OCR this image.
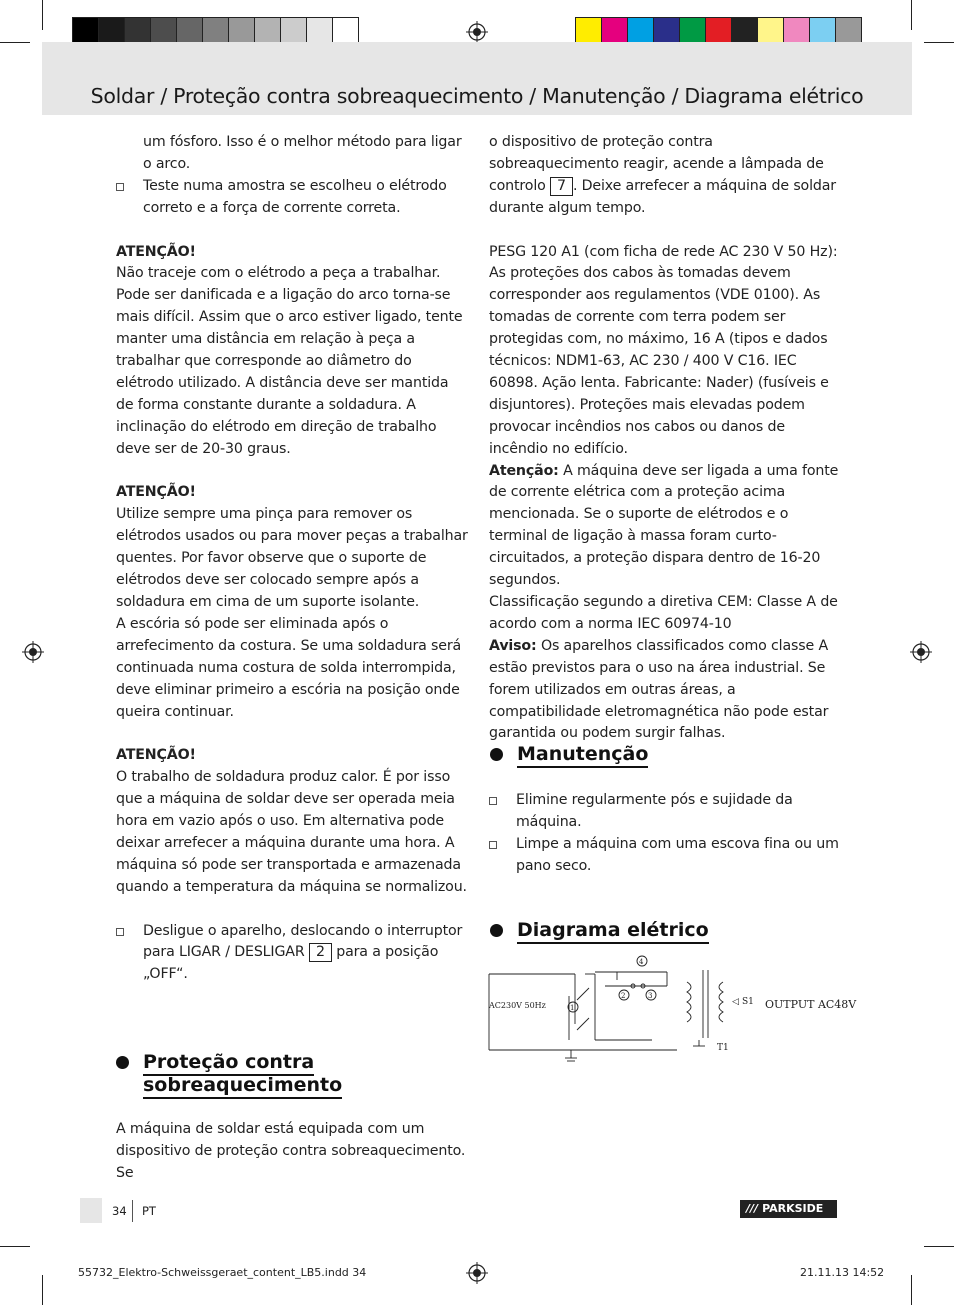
Soldar / Proteção contra sobreaquecimento / Manutenção / Diagrama elétrico

um fósforo. Isso é o melhor método para ligar o arco.

Teste numa amostra se escolheu o elétrodo correto e a força de corrente correta.

ATENÇÃO!

Não traceje com o elétrodo a peça a trabalhar. Pode ser danificada e a ligação do arco torna-se mais difícil. Assim que o arco estiver ligado, tente manter uma distância em relação à peça a trabalhar que corresponde ao diâmetro do elétrodo utilizado. A distância deve ser mantida de forma constante durante a soldadura. A inclinação do elétrodo em direção de trabalho deve ser de 20-30 graus.

ATENÇÃO!

Utilize sempre uma pinça para remover os elétrodos usados ou para mover peças a trabalhar quentes. Por favor observe que o suporte de elétrodos deve ser colocado sempre após a soldadura em cima de um suporte isolante.

A escória só pode ser eliminada após o arrefecimento da costura. Se uma soldadura será continuada numa costura de solda interrompida, deve eliminar primeiro a escória na posição onde queira continuar.

ATENÇÃO!

O trabalho de soldadura produz calor. É por isso que a máquina de soldar deve ser operada meia hora em vazio após o uso. Em alternativa pode deixar arrefecer a máquina durante uma hora. A máquina só pode ser transportada e armazenada quando a temperatura da máquina se normalizou.

Desligue o aparelho, deslocando o interruptor para LIGAR / DESLIGAR 2 para a posição „OFF“.

Proteção contra
sobreaquecimento

A máquina de soldar está equipada com um dispositivo de proteção contra sobreaquecimento. Se

o dispositivo de proteção contra sobreaquecimento reagir, acende a lâmpada de controlo 7 . Deixe arrefecer a máquina de soldar durante algum tempo.

PESG 120 A1 (com ficha de rede AC 230 V 50 Hz): As proteções dos cabos às tomadas devem corresponder aos regulamentos (VDE 0100). As tomadas de corrente com terra podem ser protegidas com, no máximo, 16 A (tipos e dados técnicos: NDM1-63, AC 230 / 400 V C16. IEC 60898. Ação lenta. Fabricante: Nader) (fusíveis e disjuntores). Proteções mais elevadas podem provocar incêndios nos cabos ou danos de incêndio no edifício.

Atenção: A máquina deve ser ligada a uma fonte de corrente elétrica com a proteção acima mencionada. Se o suporte de elétrodos e o terminal de ligação à massa foram curto-circuitados, a proteção dispara dentro de 16-20 segundos.

Classificação segundo a diretiva CEM: Classe A de acordo com a norma IEC 60974-10

Aviso: Os aparelhos classificados como classe A estão previstos para o uso na área industrial. Se forem utilizados em outras áreas, a compatibilidade eletromagnética não pode estar garantida ou podem surgir falhas.

Manutenção

Elimine regularmente pós e sujidade da máquina.

Limpe a máquina com uma escova fina ou um pano seco.

Diagrama elétrico
AC230V 50Hz	1
2	3
4
◁ S1 OUTPUT AC48V
T1
34 PT	/// PARKSIDE
55732_Elektro-Schweissgeraet_content_LB5.indd 34	21.11.13 14:52
